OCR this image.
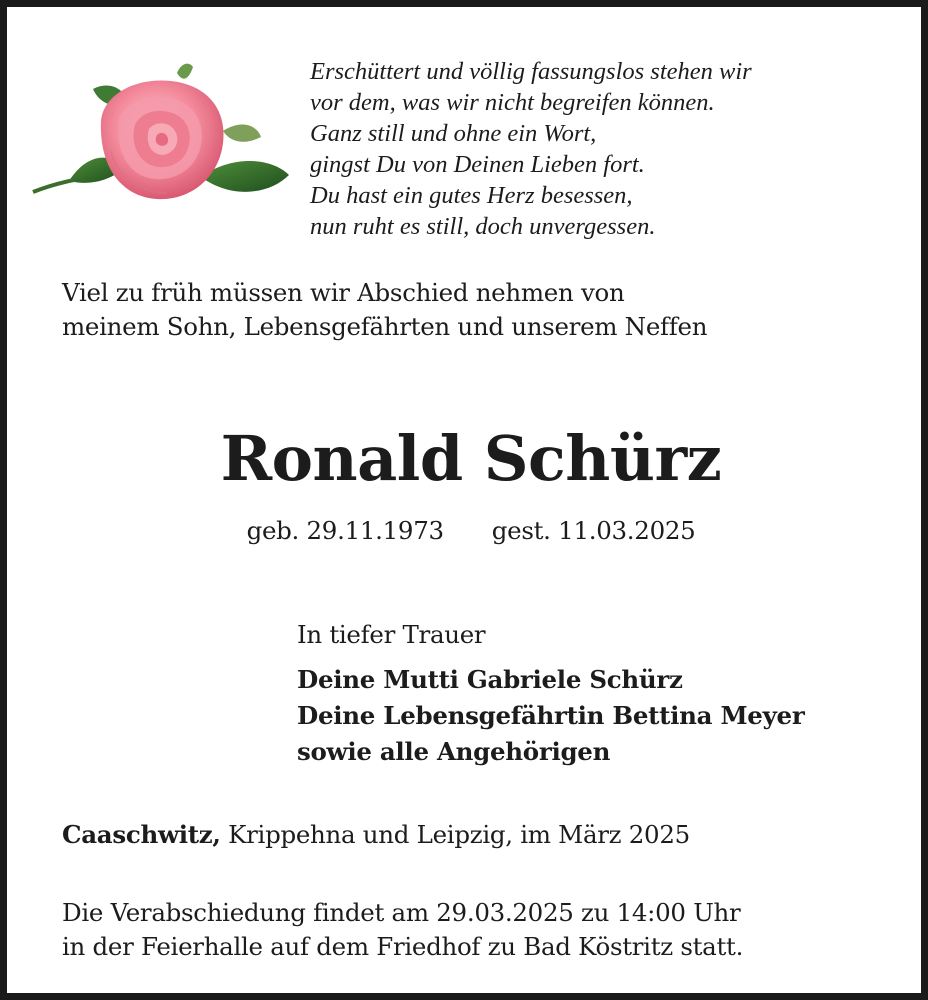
Erschüttert und völlig fassungslos stehen wir
vor dem, was wir nicht begreifen können.
Ganz still und ohne ein Wort,
gingst Du von Deinen Lieben fort.
Du hast ein gutes Herz besessen,
nun ruht es still, doch unvergessen.
Viel zu früh müssen wir Abschied nehmen von
meinem Sohn, Lebensgefährten und unserem Neffen
Ronald Schürz
geb. 29.11.1973 gest. 11.03.2025
In tiefer Trauer
Deine Mutti Gabriele Schürz
Deine Lebensgefährtin Bettina Meyer
sowie alle Angehörigen
Caaschwitz, Krippehna und Leipzig, im März 2025
Die Verabschiedung findet am 29.03.2025 zu 14:00 Uhr
in der Feierhalle auf dem Friedhof zu Bad Köstritz statt.
